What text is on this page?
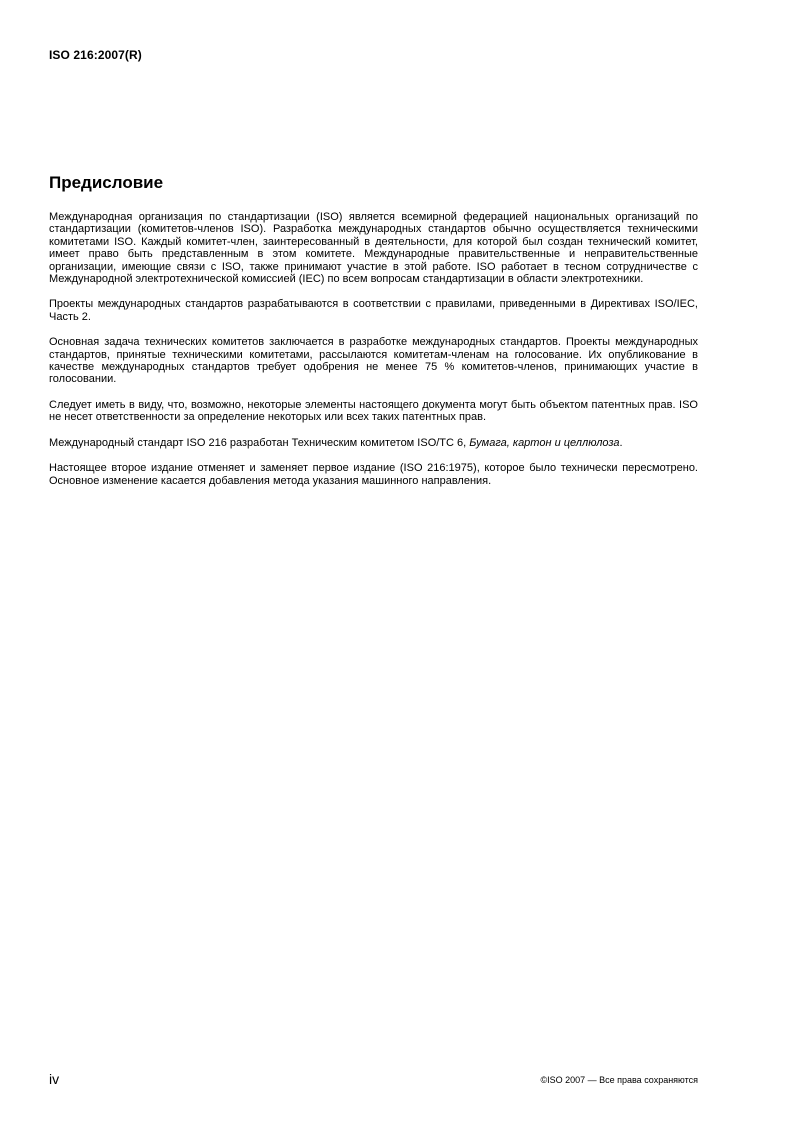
ISO 216:2007(R)
Предисловие

Международная организация по стандартизации (ISO) является всемирной федерацией национальных организаций по стандартизации (комитетов-членов ISO). Разработка международных стандартов обычно осуществляется техническими комитетами ISO. Каждый комитет-член, заинтересованный в деятельности, для которой был создан технический комитет, имеет право быть представленным в этом комитете. Международные правительственные и неправительственные организации, имеющие связи с ISO, также принимают участие в этой работе. ISO работает в тесном сотрудничестве с Международной электротехнической комиссией (IEC) по всем вопросам стандартизации в области электротехники.

Проекты международных стандартов разрабатываются в соответствии с правилами, приведенными в Директивах ISO/IEC, Часть 2.

Основная задача технических комитетов заключается в разработке международных стандартов. Проекты международных стандартов, принятые техническими комитетами, рассылаются комитетам-членам на голосование. Их опубликование в качестве международных стандартов требует одобрения не менее 75 % комитетов-членов, принимающих участие в голосовании.

Следует иметь в виду, что, возможно, некоторые элементы настоящего документа могут быть объектом патентных прав. ISO не несет ответственности за определение некоторых или всех таких патентных прав.

Международный стандарт ISO 216 разработан Техническим комитетом ISO/TC 6, Бумага, картон и целлюлоза.

Настоящее второе издание отменяет и заменяет первое издание (ISO 216:1975), которое было технически пересмотрено. Основное изменение касается добавления метода указания машинного направления.

iv	©ISO 2007 — Все права сохраняются
